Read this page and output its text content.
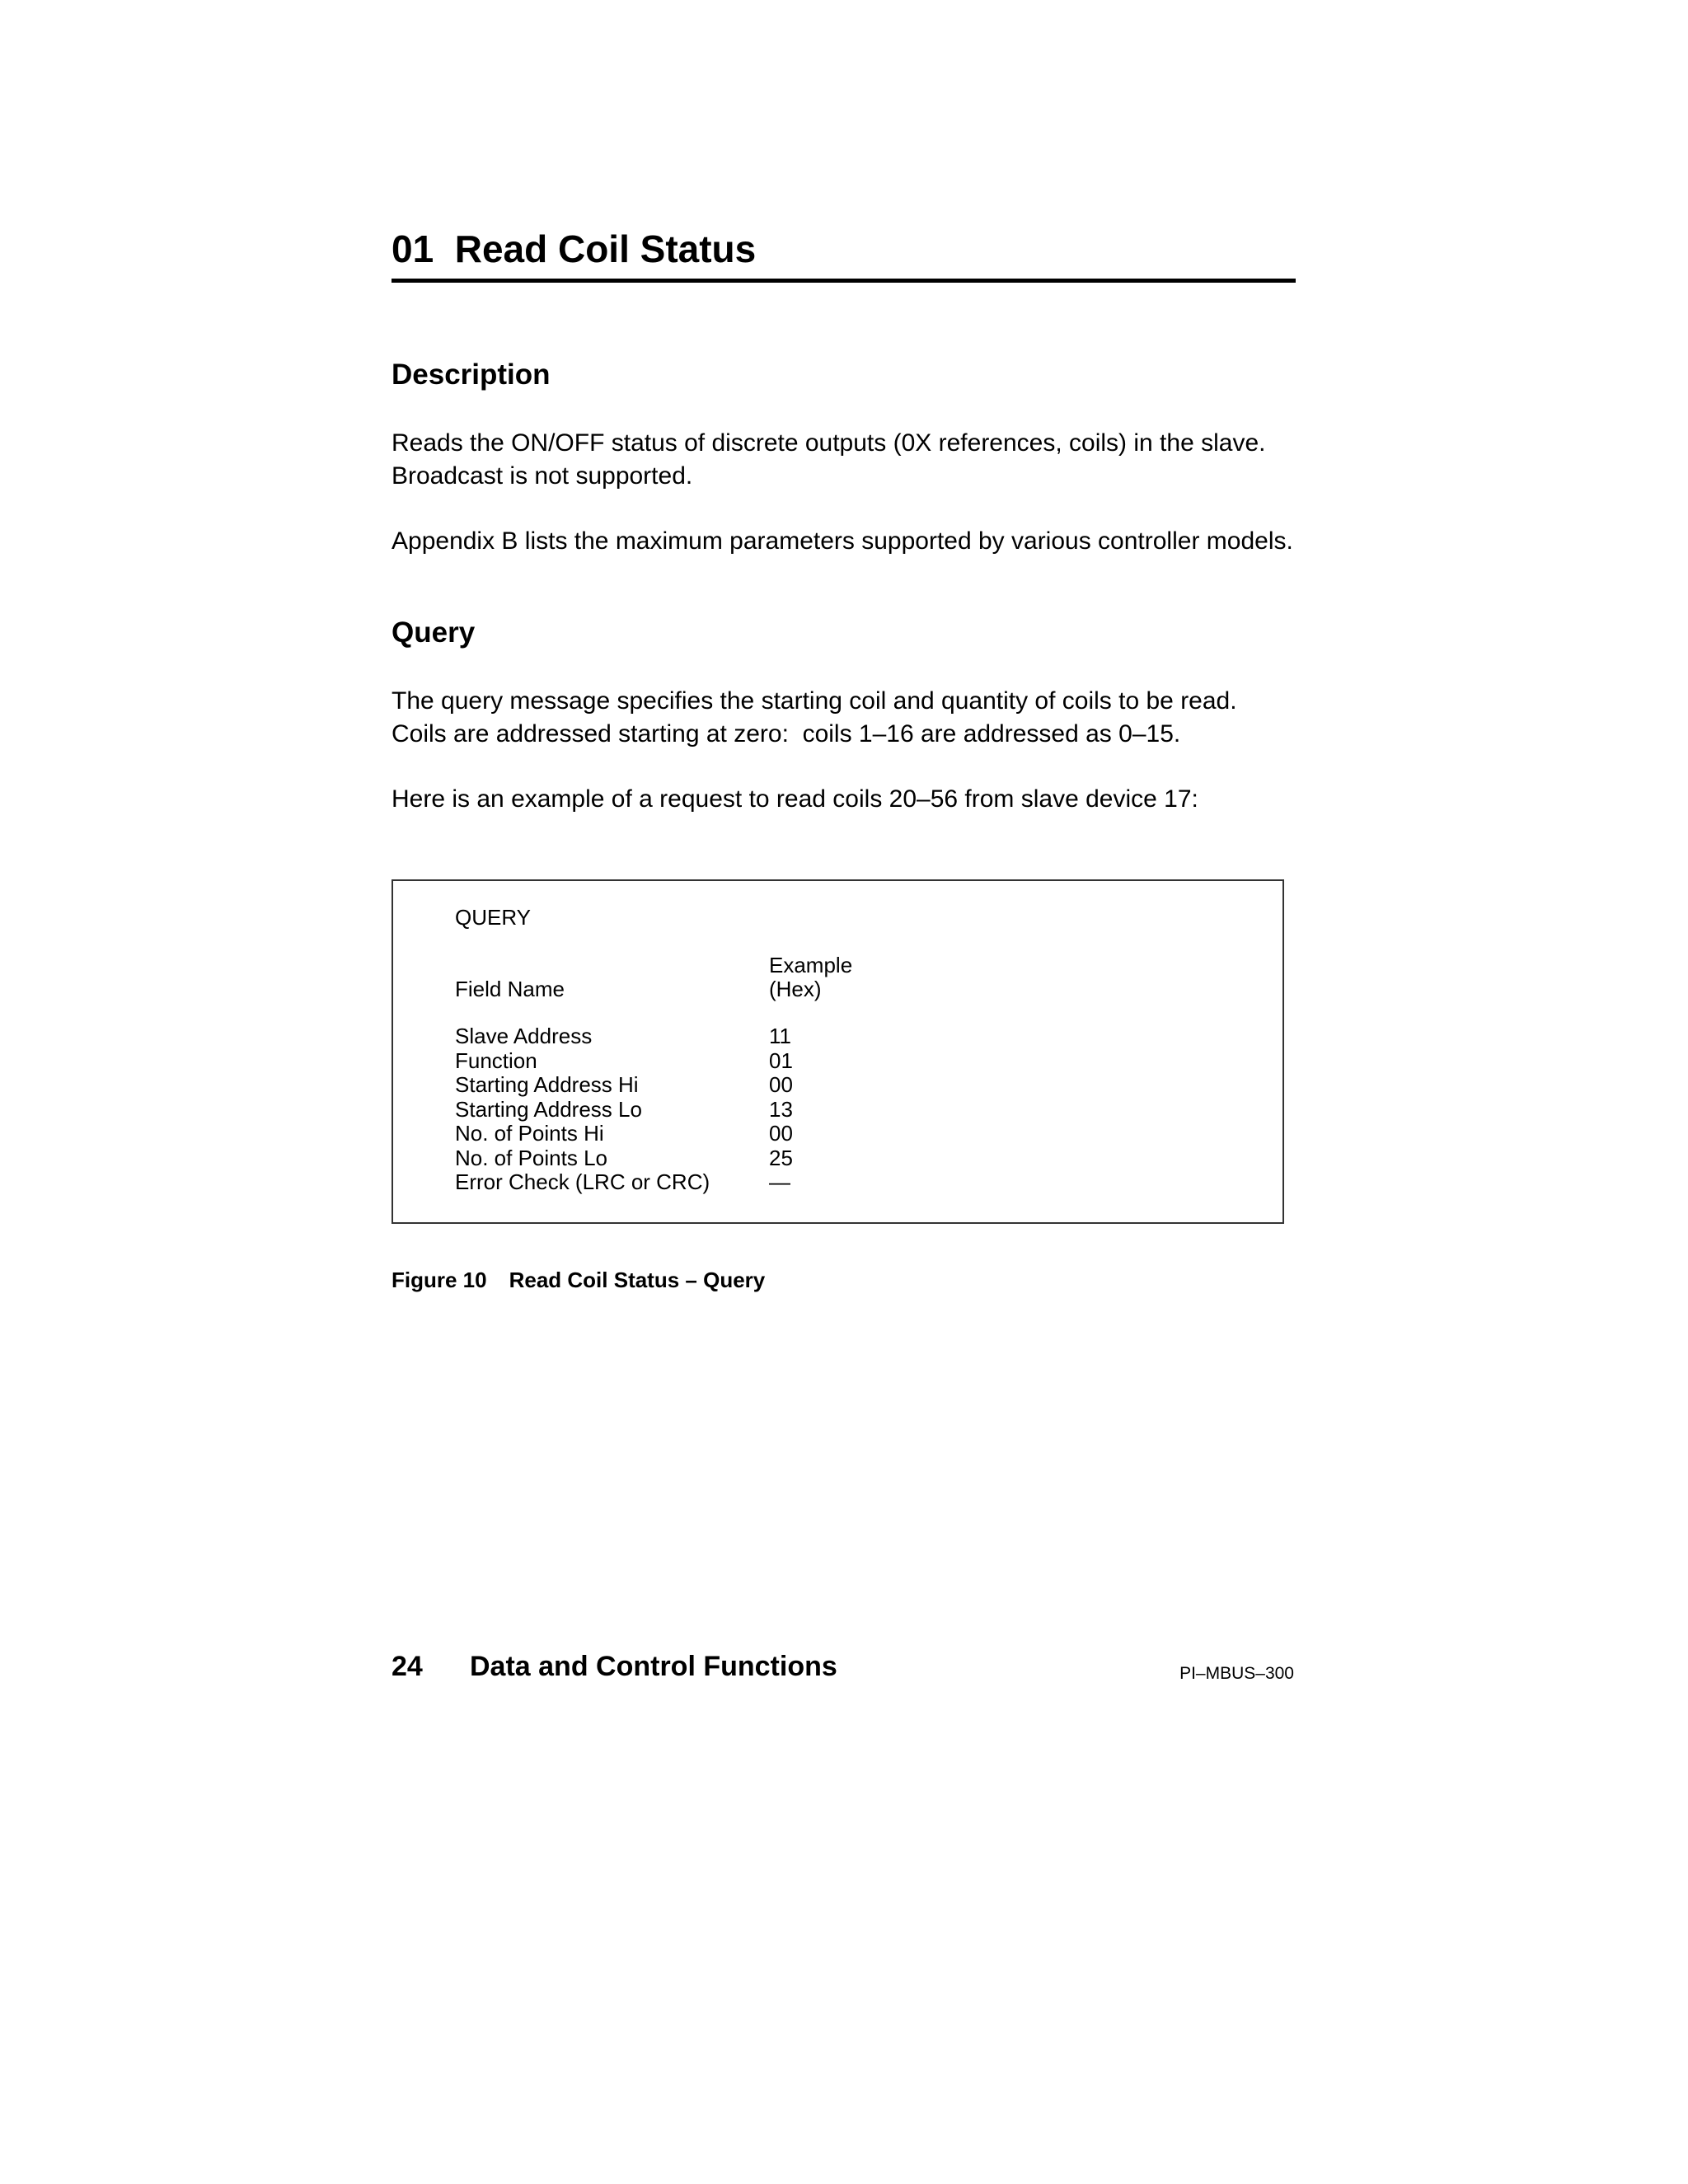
01  Read Coil Status
Description

Reads the ON/OFF status of discrete outputs (0X references, coils) in the slave.
Broadcast is not supported.

Appendix B lists the maximum parameters supported by various controller models.

Query

The query message specifies the starting coil and quantity of coils to be read.
Coils are addressed starting at zero:  coils 1–16 are addressed as 0–15.

Here is an example of a request to read coils 20–56 from slave device 17:

QUERY
Example
Field Name	(Hex)
Slave Address
Function
Starting Address Hi
Starting Address Lo
No. of Points Hi
No. of Points Lo
Error Check (LRC or CRC)
11
01
00
13
00
25
—

Figure 10 Read Coil Status – Query

24 Data and Control Functions	PI–MBUS–300
